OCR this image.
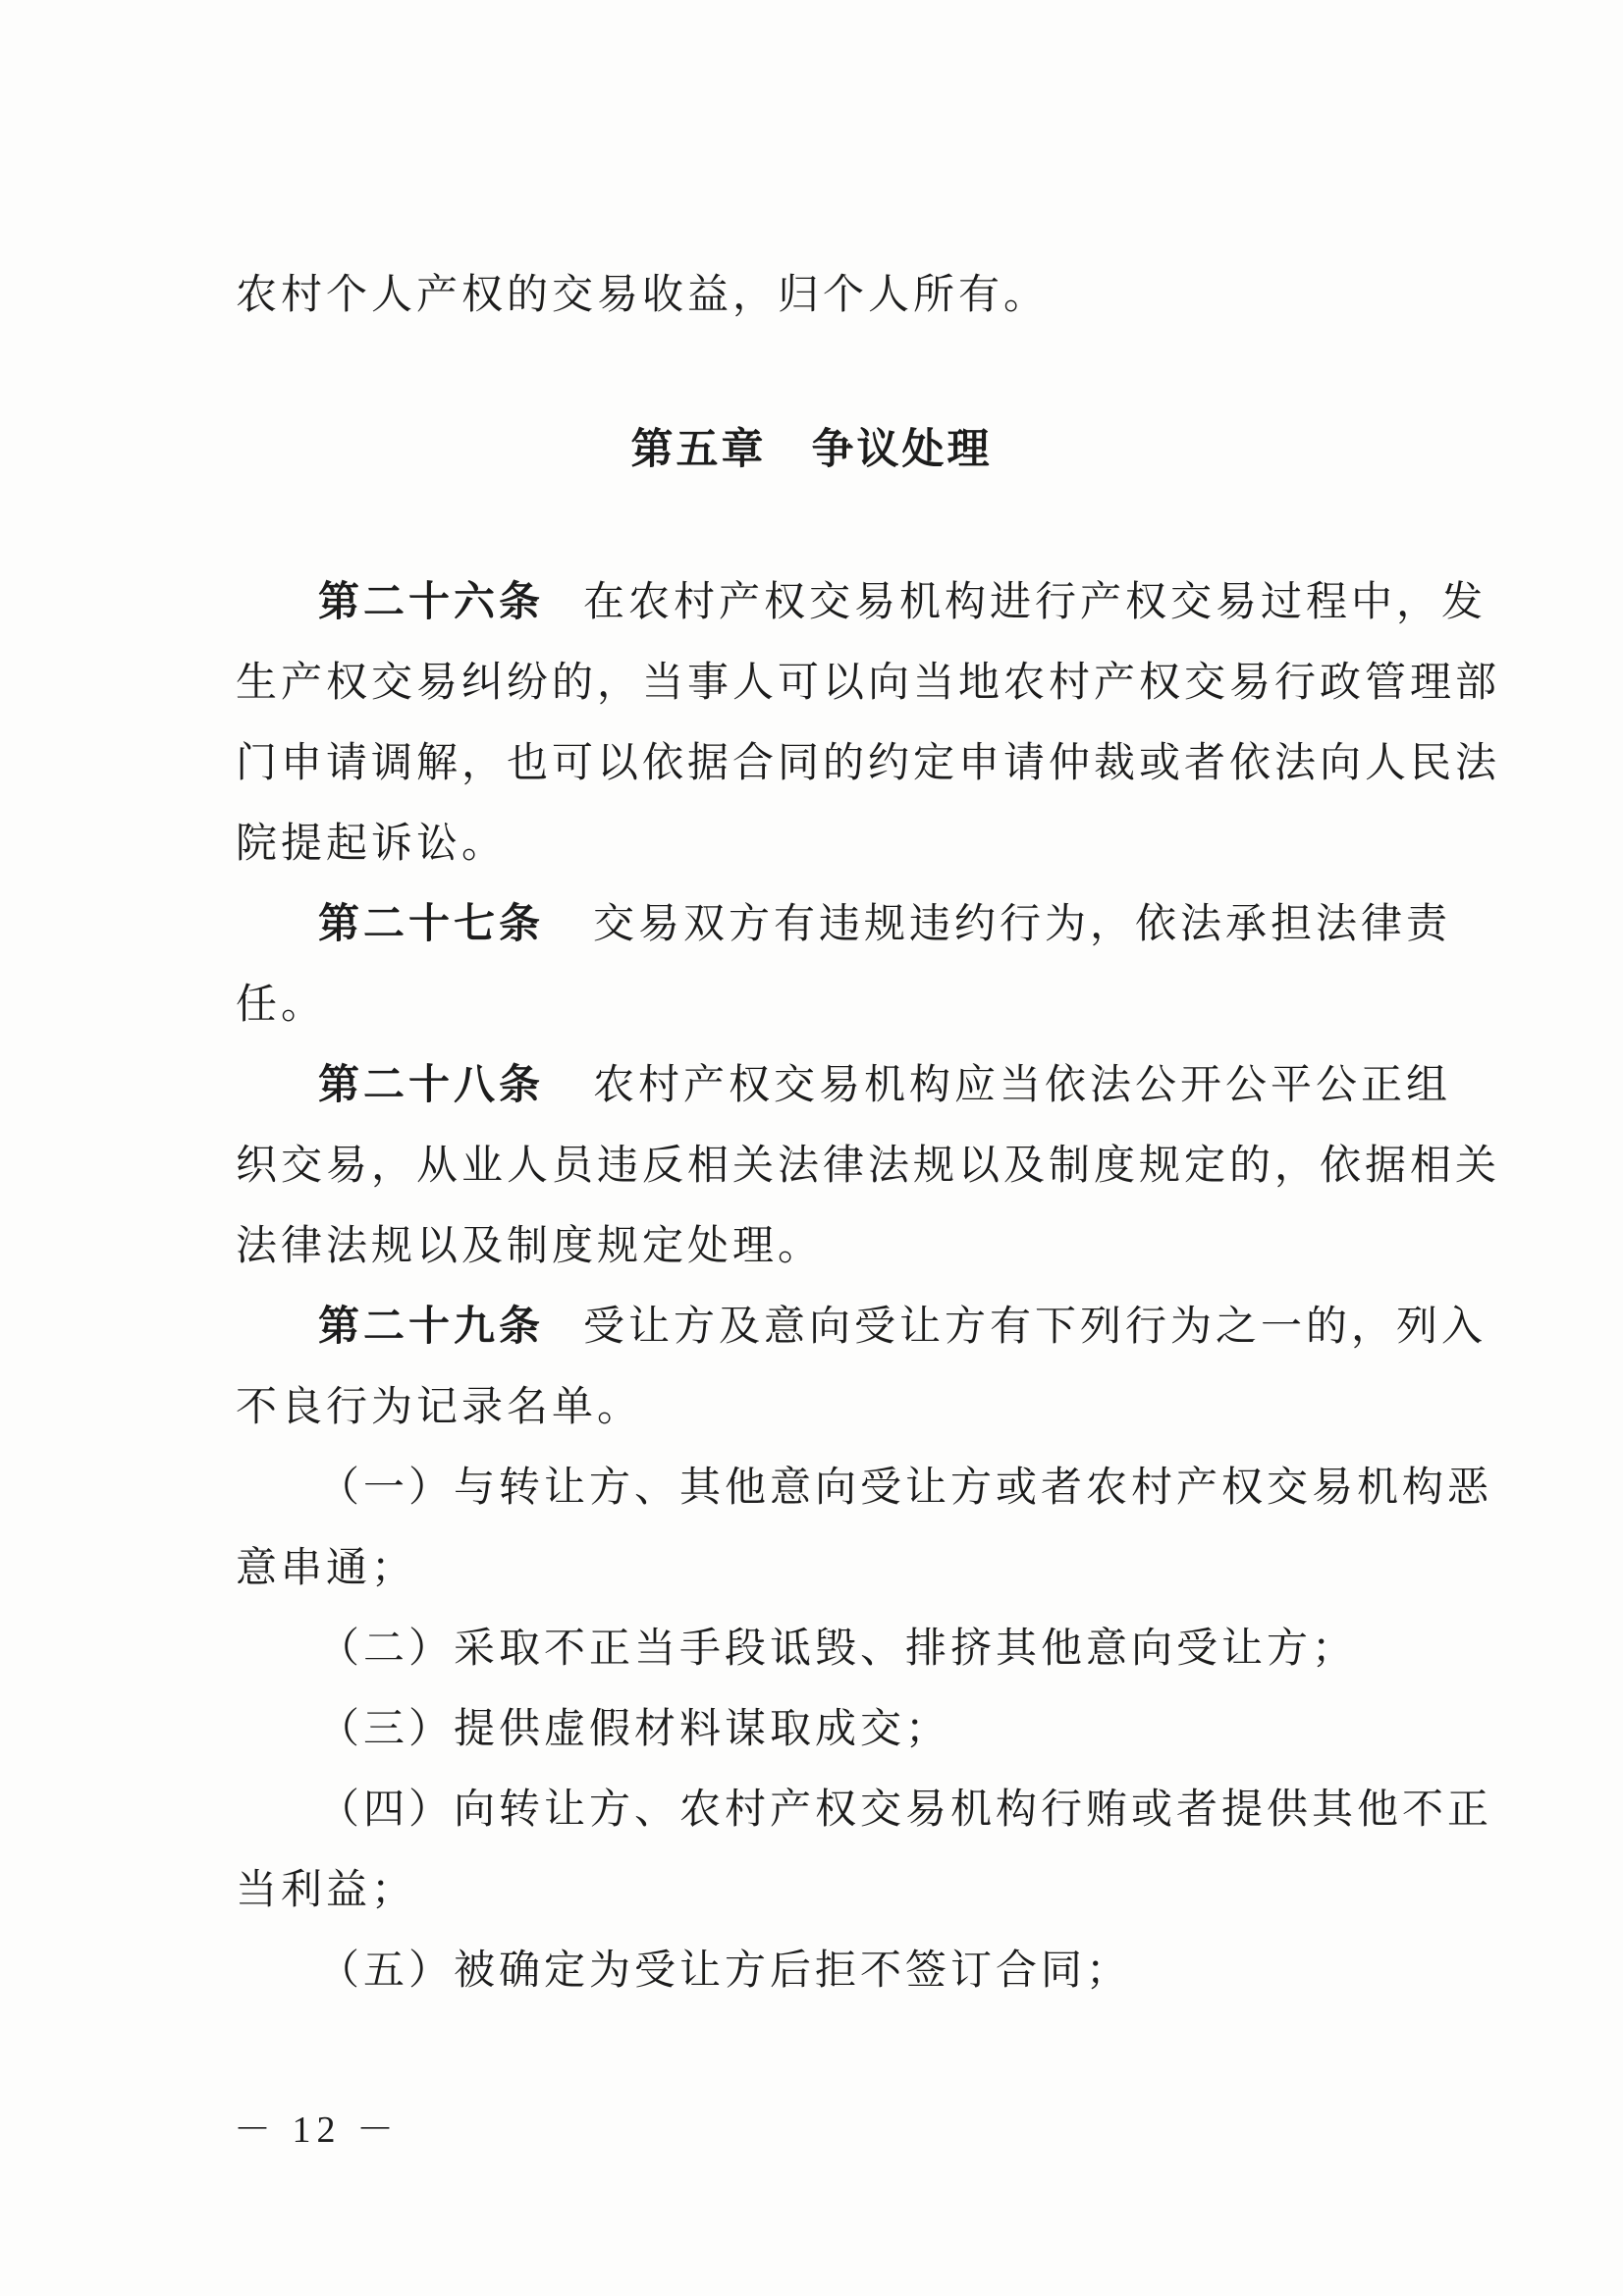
农村个人产权的交易收益，归个人所有。
第五章　争议处理
第二十六条 在农村产权交易机构进行产权交易过程中，发
生产权交易纠纷的，当事人可以向当地农村产权交易行政管理部
门申请调解，也可以依据合同的约定申请仲裁或者依法向人民法
院提起诉讼。
第二十七条 交易双方有违规违约行为，依法承担法律责
任。
第二十八条 农村产权交易机构应当依法公开公平公正组
织交易，从业人员违反相关法律法规以及制度规定的，依据相关
法律法规以及制度规定处理。
第二十九条 受让方及意向受让方有下列行为之一的，列入
不良行为记录名单。
（一）与转让方、其他意向受让方或者农村产权交易机构恶
意串通；
（二）采取不正当手段诋毁、排挤其他意向受让方；
（三）提供虚假材料谋取成交；
（四）向转让方、农村产权交易机构行贿或者提供其他不正
当利益；
（五）被确定为受让方后拒不签订合同；
－ 12 －
